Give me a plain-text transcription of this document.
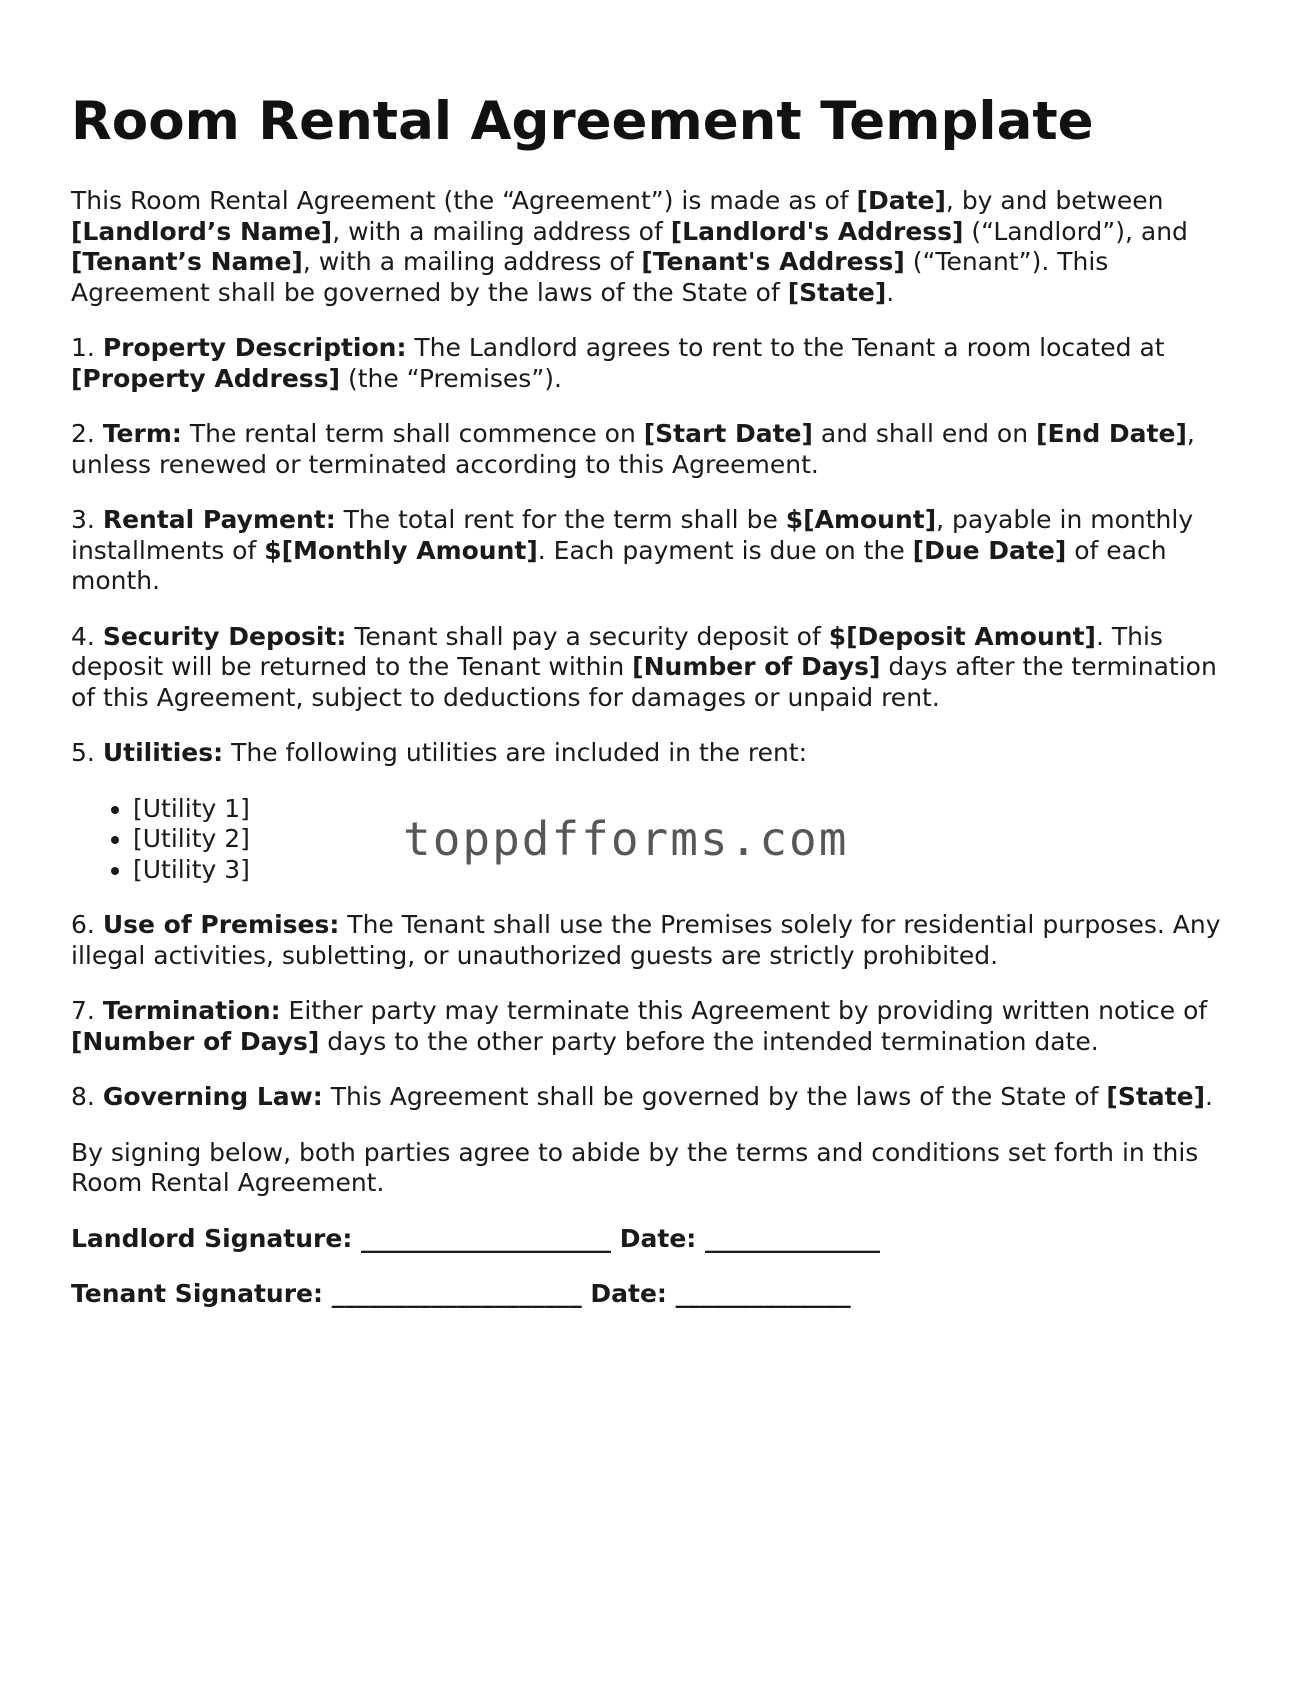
Room Rental Agreement Template

This Room Rental Agreement (the “Agreement”) is made as of [Date], by and between [Landlord’s Name], with a mailing address of [Landlord's Address] (“Landlord”), and [Tenant’s Name], with a mailing address of [Tenant's Address] (“Tenant”). This Agreement shall be governed by the laws of the State of [State].

1. Property Description: The Landlord agrees to rent to the Tenant a room located at [Property Address] (the “Premises”).

2. Term: The rental term shall commence on [Start Date] and shall end on [End Date], unless renewed or terminated according to this Agreement.

3. Rental Payment: The total rent for the term shall be $[Amount], payable in monthly installments of $[Monthly Amount]. Each payment is due on the [Due Date] of each month.

4. Security Deposit: Tenant shall pay a security deposit of $[Deposit Amount]. This deposit will be returned to the Tenant within [Number of Days] days after the termination of this Agreement, subject to deductions for damages or unpaid rent.

5. Utilities: The following utilities are included in the rent:

• [Utility 1]
• [Utility 2]
• [Utility 3]

6. Use of Premises: The Tenant shall use the Premises solely for residential purposes. Any illegal activities, subletting, or unauthorized guests are strictly prohibited.

7. Termination: Either party may terminate this Agreement by providing written notice of [Number of Days] days to the other party before the intended termination date.

8. Governing Law: This Agreement shall be governed by the laws of the State of [State].

By signing below, both parties agree to abide by the terms and conditions set forth in this Room Rental Agreement.

Landlord Signature: ____________________ Date: ______________
Tenant Signature: ____________________ Date: ______________
toppdfforms.com
